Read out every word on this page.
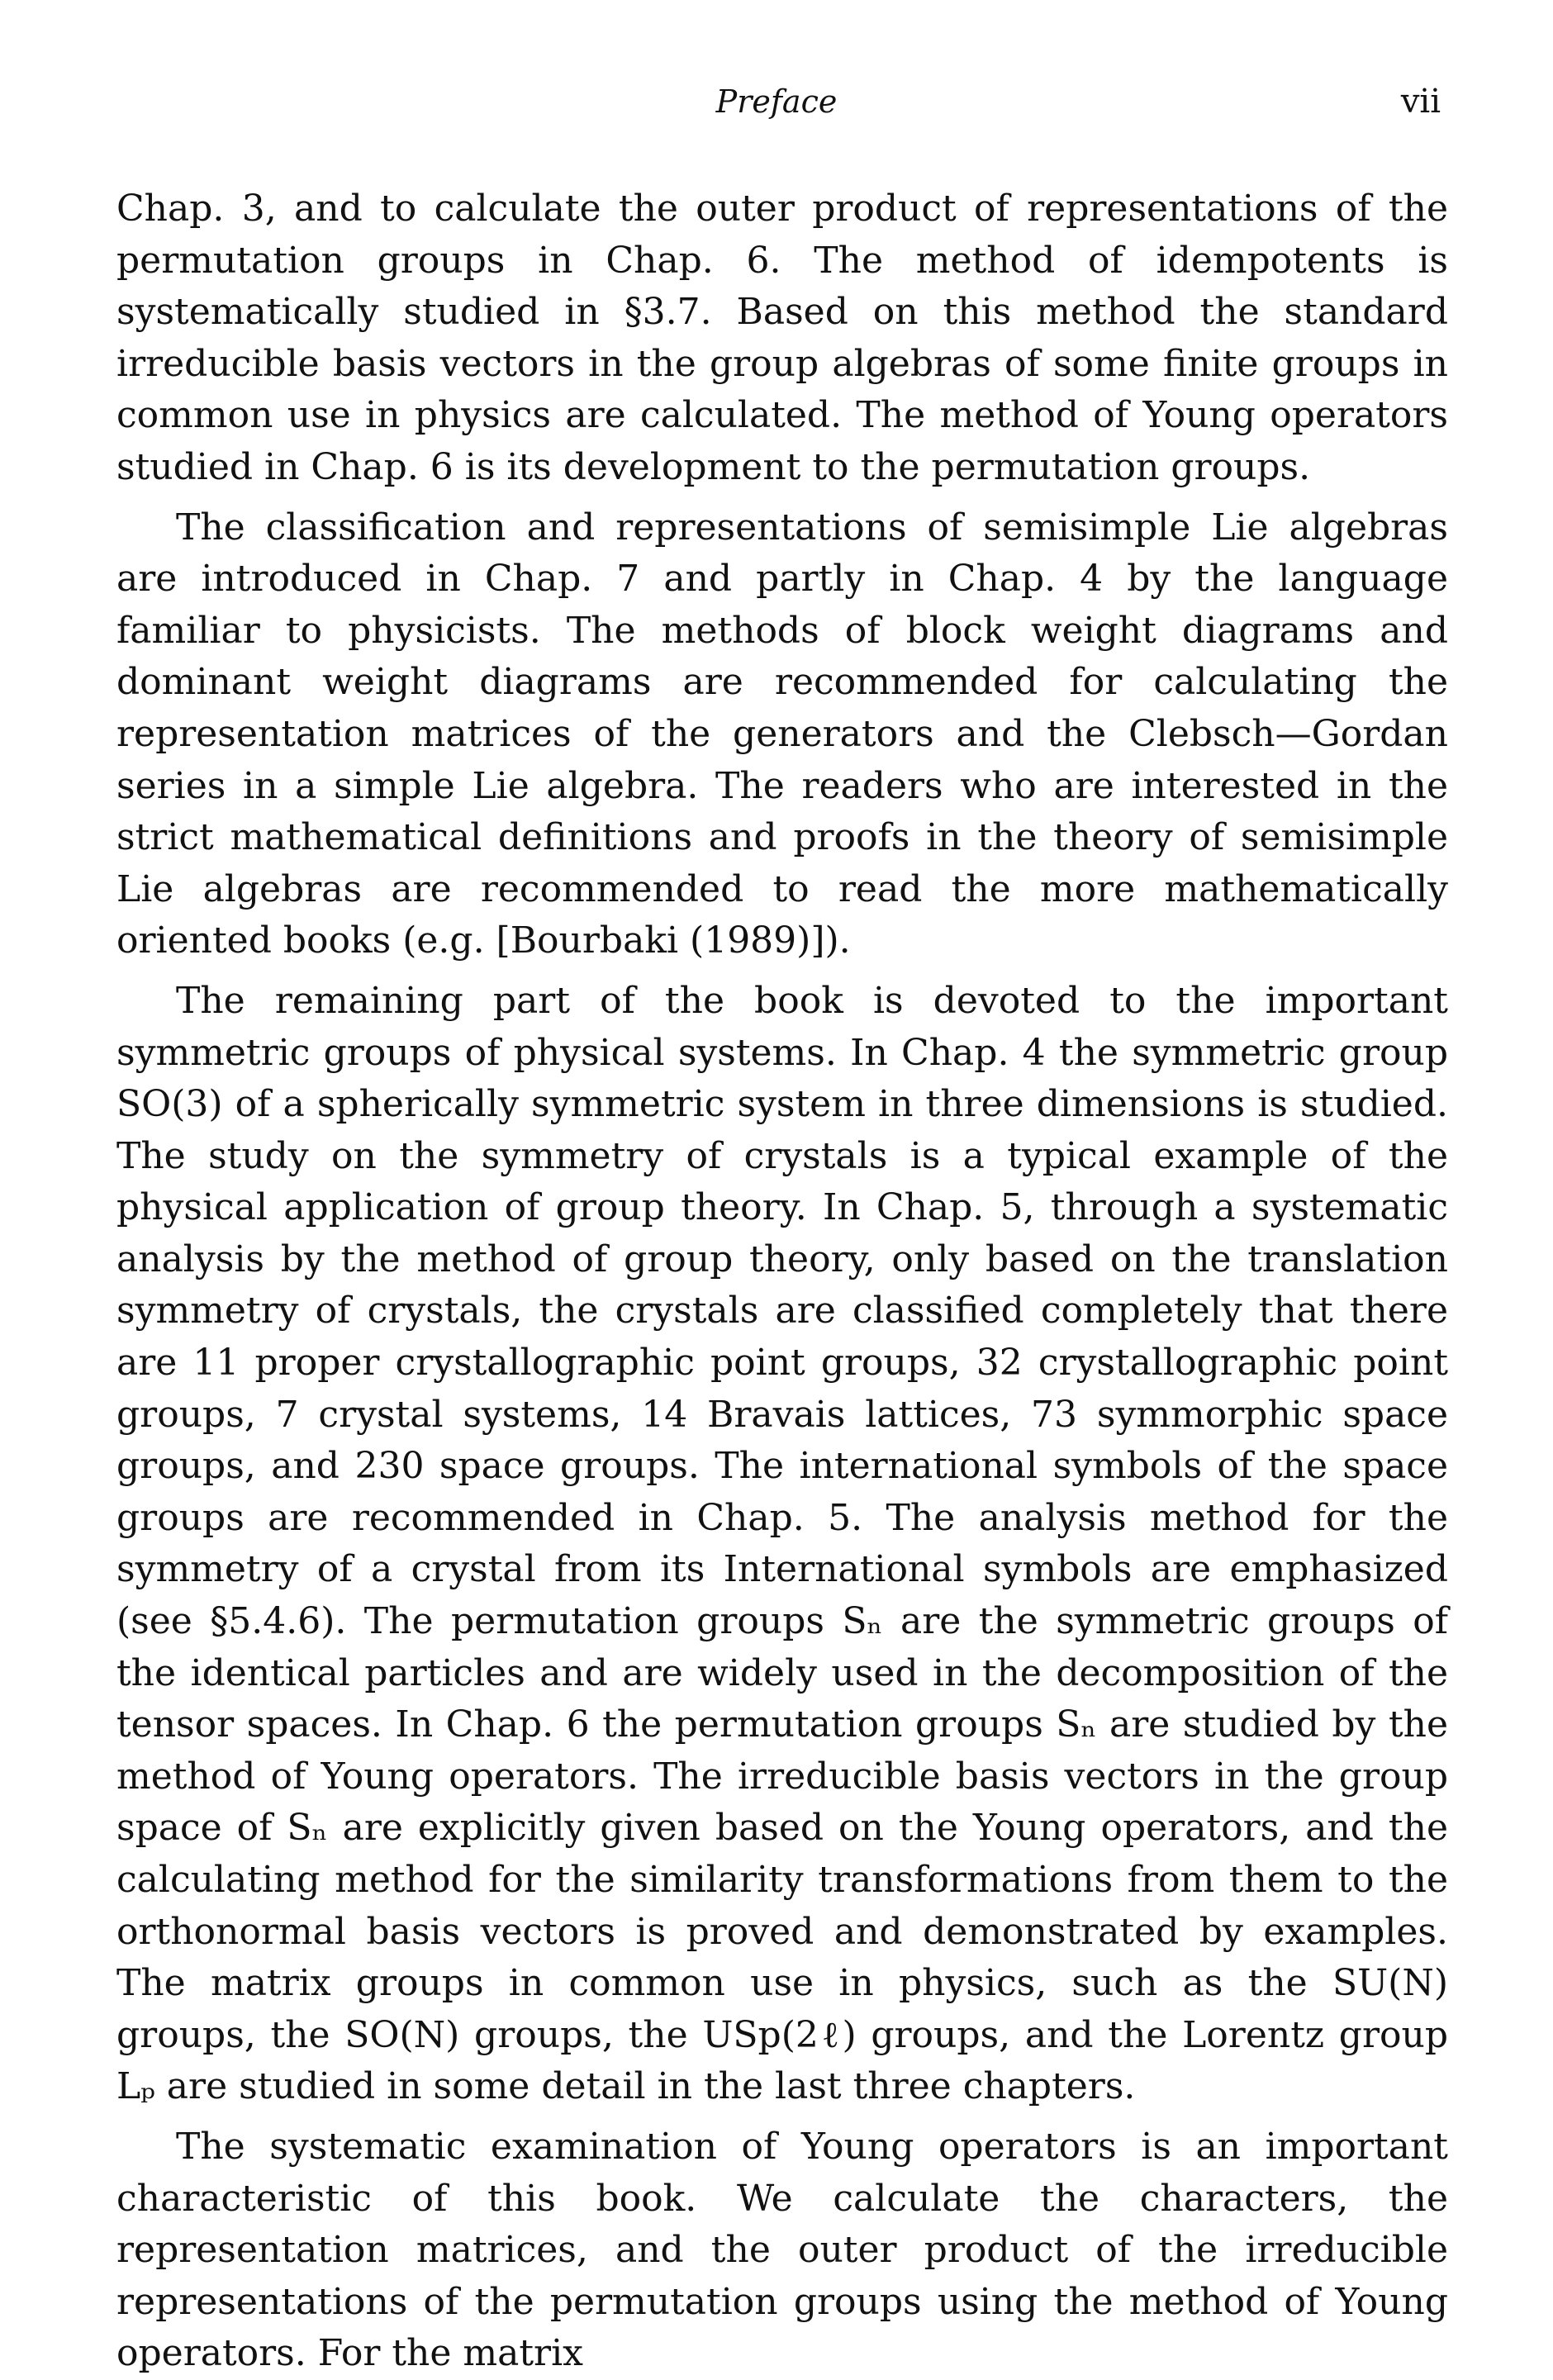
Preface	vii

Chap. 3, and to calculate the outer product of representations of the permutation groups in Chap. 6. The method of idempotents is systematically studied in §3.7. Based on this method the standard irreducible basis vectors in the group algebras of some finite groups in common use in physics are calculated. The method of Young operators studied in Chap. 6 is its development to the permutation groups.

The classification and representations of semisimple Lie algebras are introduced in Chap. 7 and partly in Chap. 4 by the language familiar to physicists. The methods of block weight diagrams and dominant weight diagrams are recommended for calculating the representation matrices of the generators and the Clebsch—Gordan series in a simple Lie algebra. The readers who are interested in the strict mathematical definitions and proofs in the theory of semisimple Lie algebras are recommended to read the more mathematically oriented books (e.g. [Bourbaki (1989)]).

The remaining part of the book is devoted to the important symmetric groups of physical systems. In Chap. 4 the symmetric group SO(3) of a spherically symmetric system in three dimensions is studied. The study on the symmetry of crystals is a typical example of the physical application of group theory. In Chap. 5, through a systematic analysis by the method of group theory, only based on the translation symmetry of crystals, the crystals are classified completely that there are 11 proper crystallographic point groups, 32 crystallographic point groups, 7 crystal systems, 14 Bravais lattices, 73 symmorphic space groups, and 230 space groups. The international symbols of the space groups are recommended in Chap. 5. The analysis method for the symmetry of a crystal from its International symbols are emphasized (see §5.4.6). The permutation groups Sₙ are the symmetric groups of the identical particles and are widely used in the decomposition of the tensor spaces. In Chap. 6 the permutation groups Sₙ are studied by the method of Young operators. The irreducible basis vectors in the group space of Sₙ are explicitly given based on the Young operators, and the calculating method for the similarity transformations from them to the orthonormal basis vectors is proved and demonstrated by examples. The matrix groups in common use in physics, such as the SU(N) groups, the SO(N) groups, the USp(2ℓ) groups, and the Lorentz group Lₚ are studied in some detail in the last three chapters.

The systematic examination of Young operators is an important characteristic of this book. We calculate the characters, the representation matrices, and the outer product of the irreducible representations of the permutation groups using the method of Young operators. For the matrix
